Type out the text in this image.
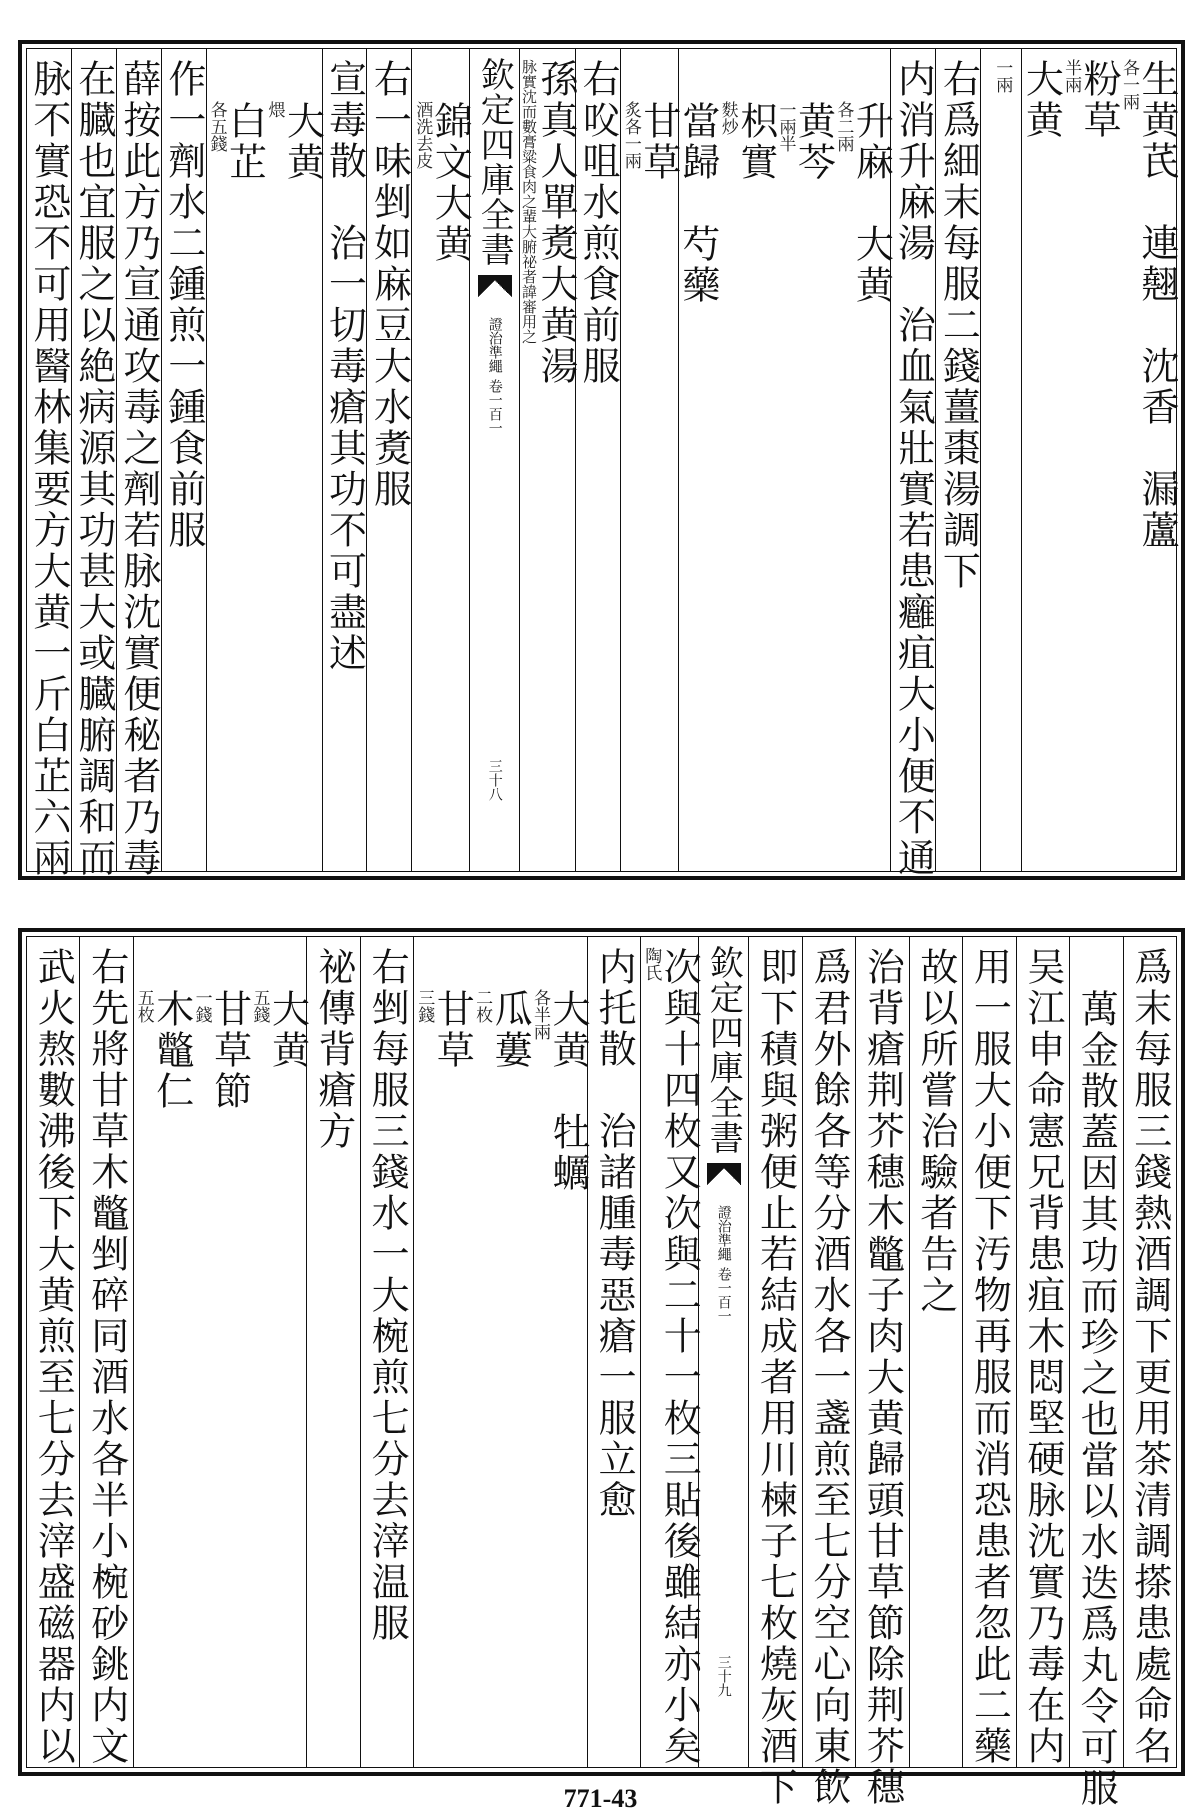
生黄芪　連翹　沈香　漏蘆
各一兩
粉草
半兩
大黄
一兩
右爲細末每服二錢薑棗湯調下
内消升麻湯　治血氣壯實若患癰疽大小便不通
升麻　大黄
各二兩
黄芩
一兩半
枳實
麩炒
當歸　芍藥
甘草
炙各一兩
右㕮咀水煎食前服
孫真人單煑大黄湯
脉實沈而數膏粱食肉之輩大腑祕者諱審用之
欽定四庫全書
證治準繩
卷一百一
三十八
錦文大黄
酒洗去皮
右一味剉如麻豆大水煑服
宣毒散　治一切毒瘡其功不可盡述
大黄
煨
白芷
各五錢
作一劑水二鍾煎一鍾食前服
薛按此方乃宣通攻毒之劑若脉沈實便秘者乃毒
在臓也宜服之以絶病源其功甚大或臓腑調和而
脉不實恐不可用醫林集要方大黄一斤白芷六兩
爲末每服三錢熱酒調下更用茶清調搽患處命名
萬金散蓋因其功而珍之也當以水迭爲丸令可服
吴江申命憲兄背患疽木悶堅硬脉沈實乃毒在内
用一服大小便下汚物再服而消恐患者忽此二藥
故以所嘗治驗者告之
治背瘡荆芥穗木鼈子肉大黄歸頭甘草節除荆芥穗
爲君外餘各等分酒水各一盞煎至七分空心向東飲
即下積與粥便止若結成者用川楝子七枚燒灰酒下
欽定四庫全書
證治準繩
卷一百一
三十九
次與十四枚又次與二十一枚三貼後雖結亦小矣
陶氏
内托散　治諸腫毒惡瘡一服立愈
大黄　牡蠣
各半兩
瓜蔞
二枚
甘草
三錢
右剉每服三錢水一大椀煎七分去滓温服
祕傳背瘡方
大黄
五錢
甘草節
一錢
木鼈仁
五枚
右先將甘草木鼈剉碎同酒水各半小椀砂銚内文
武火熬數沸後下大黄煎至七分去滓盛磁器内以
771-43
